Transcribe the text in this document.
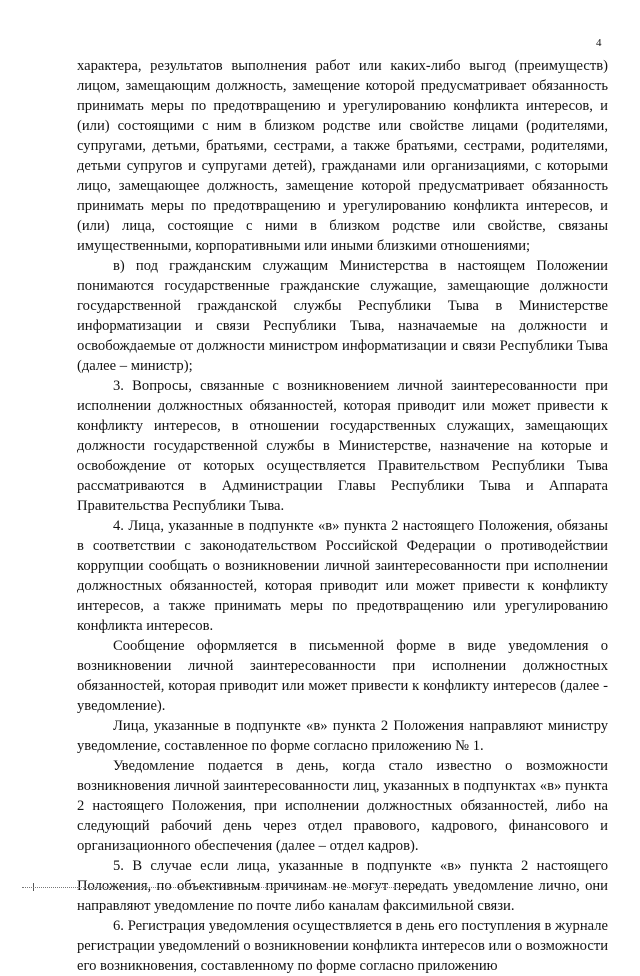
4

характера, результатов выполнения работ или каких-либо выгод (преимуществ) лицом, замещающим должность, замещение которой предусматривает обязанность принимать меры по предотвращению и урегулированию конфликта интересов, и (или) состоящими с ним в близком родстве или свойстве лицами (родителями, супругами, детьми, братьями, сестрами, а также братьями, сестрами, родителями, детьми супругов и супругами детей), гражданами или организациями, с которыми лицо, замещающее должность, замещение которой предусматривает обязанность принимать меры по предотвращению и урегулированию конфликта интересов, и (или) лица, состоящие с ними в близком родстве или свойстве, связаны имущественными, корпоративными или иными близкими отношениями;

в) под гражданским служащим Министерства в настоящем Положении понимаются государственные гражданские служащие, замещающие должности государственной гражданской службы Республики Тыва в Министерстве информатизации и связи Республики Тыва, назначаемые на должности и освобождаемые от должности министром информатизации и связи Республики Тыва (далее – министр);

3. Вопросы, связанные с возникновением личной заинтересованности при исполнении должностных обязанностей, которая приводит или может привести к конфликту интересов, в отношении государственных служащих, замещающих должности государственной службы в Министерстве, назначение на которые и освобождение от которых осуществляется Правительством Республики Тыва рассматриваются в Администрации Главы Республики Тыва и Аппарата Правительства Республики Тыва.

4. Лица, указанные в подпункте «в» пункта 2 настоящего Положения, обязаны в соответствии с законодательством Российской Федерации о противодействии коррупции сообщать о возникновении личной заинтересованности при исполнении должностных обязанностей, которая приводит или может привести к конфликту интересов, а также принимать меры по предотвращению или урегулированию конфликта интересов.

Сообщение оформляется в письменной форме в виде уведомления о возникновении личной заинтересованности при исполнении должностных обязанностей, которая приводит или может привести к конфликту интересов (далее - уведомление).

Лица, указанные в подпункте «в» пункта 2 Положения направляют министру уведомление, составленное по форме согласно приложению № 1.

Уведомление подается в день, когда стало известно о возможности возникновения личной заинтересованности лиц, указанных в подпунктах «в» пункта 2 настоящего Положения, при исполнении должностных обязанностей, либо на следующий рабочий день через отдел правового, кадрового, финансового и организационного обеспечения (далее – отдел кадров).

5. В случае если лица, указанные в подпункте «в» пункта 2 настоящего Положения, по объективным причинам не могут передать уведомление лично, они направляют уведомление по почте либо каналам факсимильной связи.

6. Регистрация уведомления осуществляется в день его поступления в журнале регистрации уведомлений о возникновении конфликта интересов или о возможности его возникновения, составленному по форме согласно приложению
